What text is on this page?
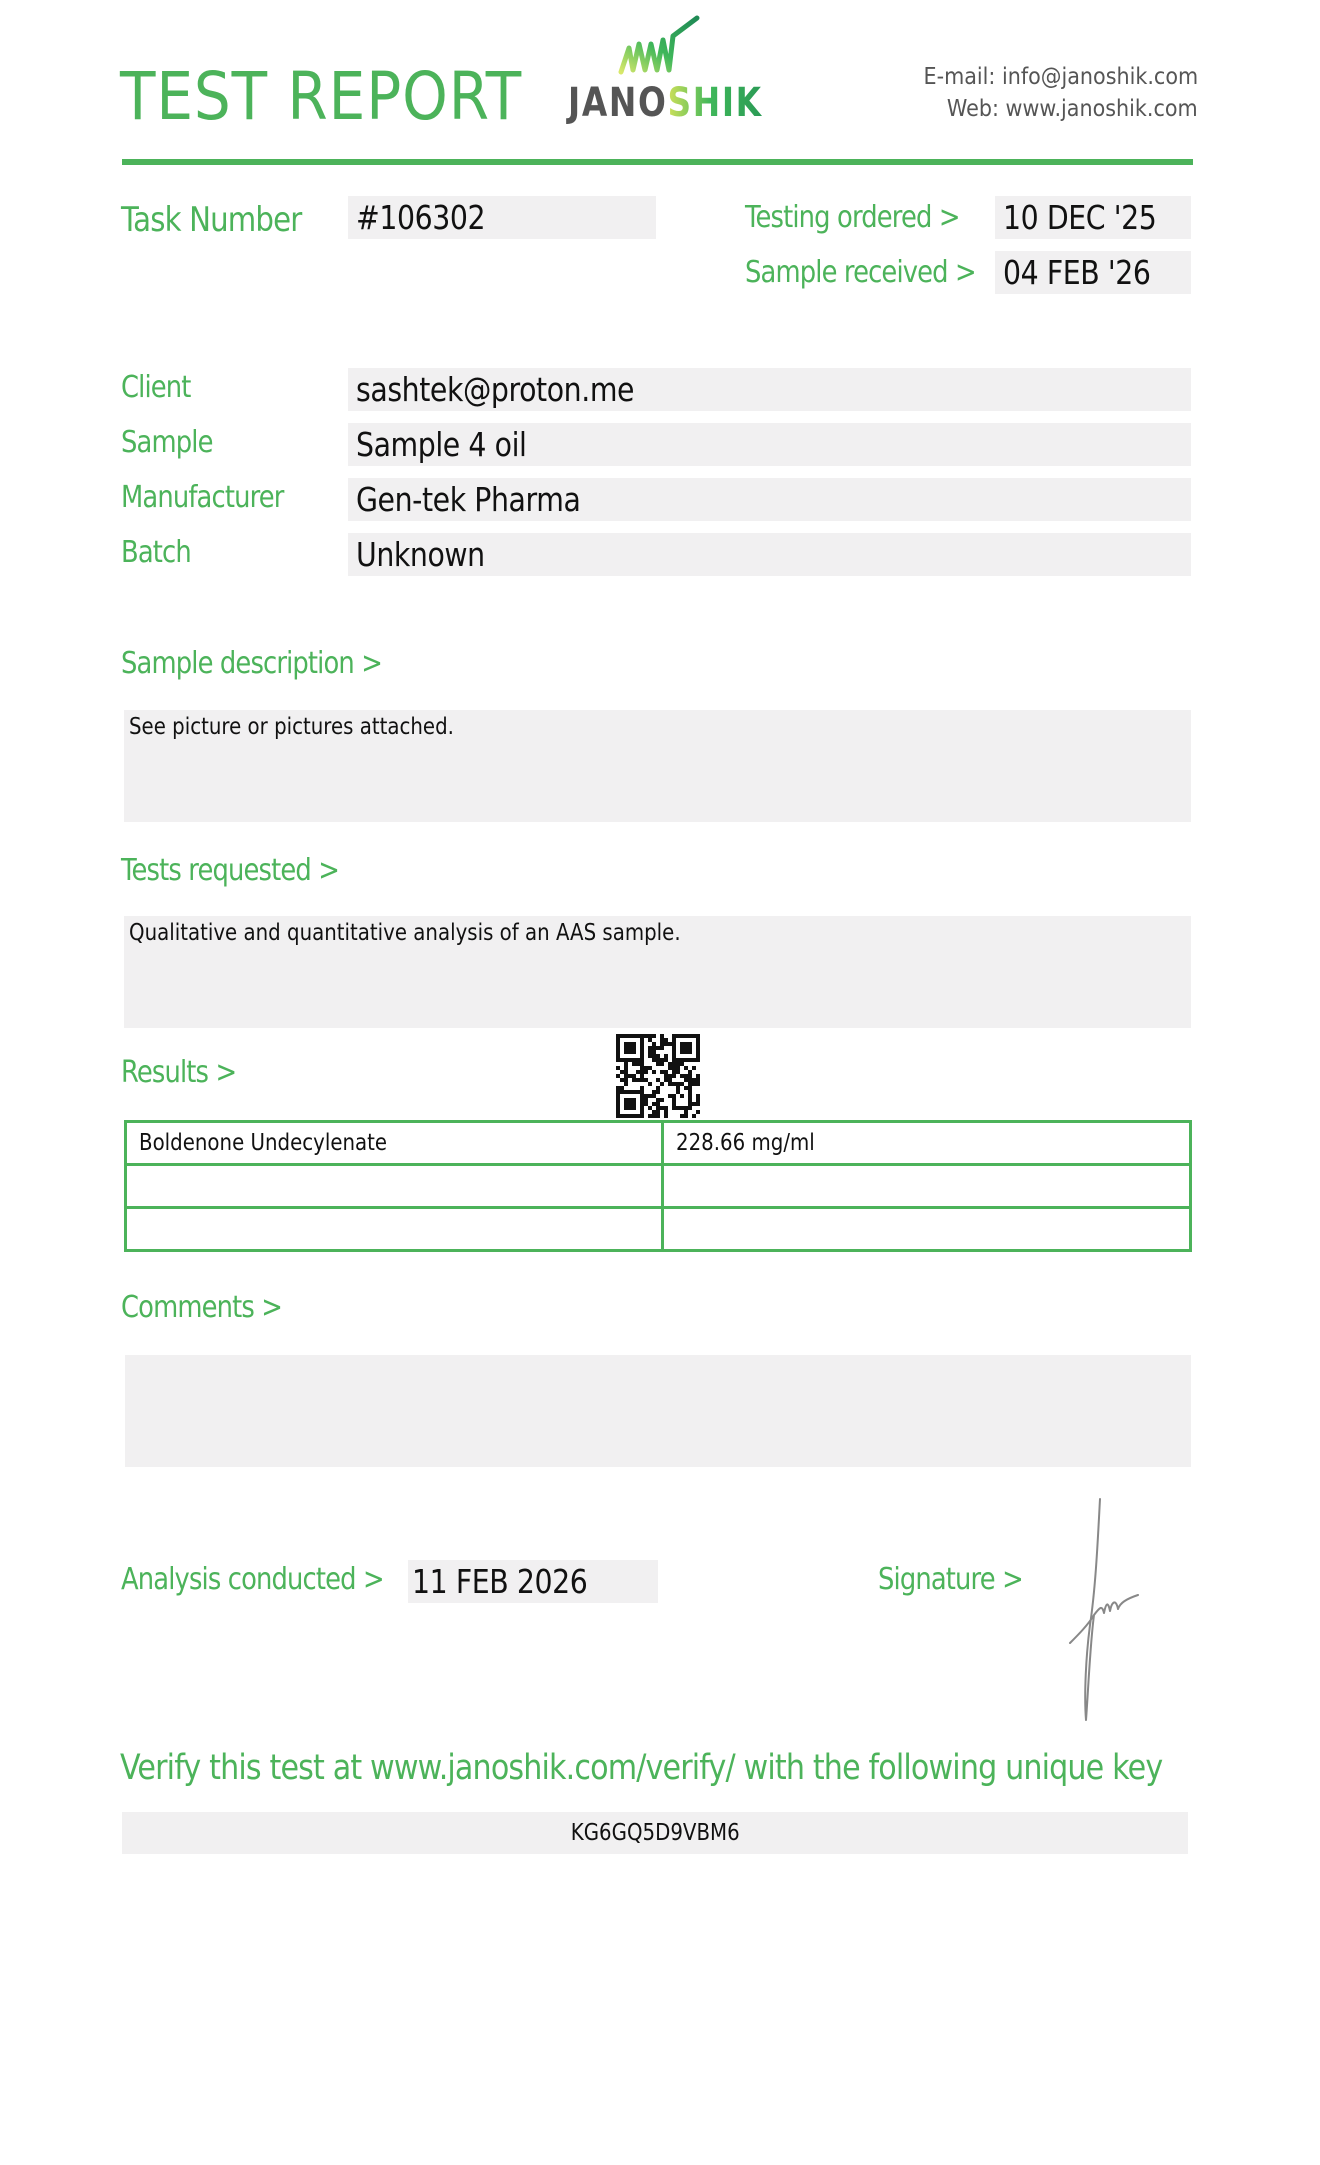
TEST REPORT JANOSHIK
E-mail: info@janoshik.com
Web: www.janoshik.com
Task Number #106302	Testing ordered > 10 DEC '25
Sample received > 04 FEB '26
Client	sashtek@proton.me
Sample	Sample 4 oil
Manufacturer Gen-tek Pharma
Batch	Unknown
Sample description >
See picture or pictures attached.
Tests requested >
Qualitative and quantitative analysis of an AAS sample.
Results >
Boldenone Undecylenate	228.66 mg/ml

Comments >
Analysis conducted > 11 FEB 2026	Signature >
Verify this test at www.janoshik.com/verify/ with the following unique key
KG6GQ5D9VBM6
